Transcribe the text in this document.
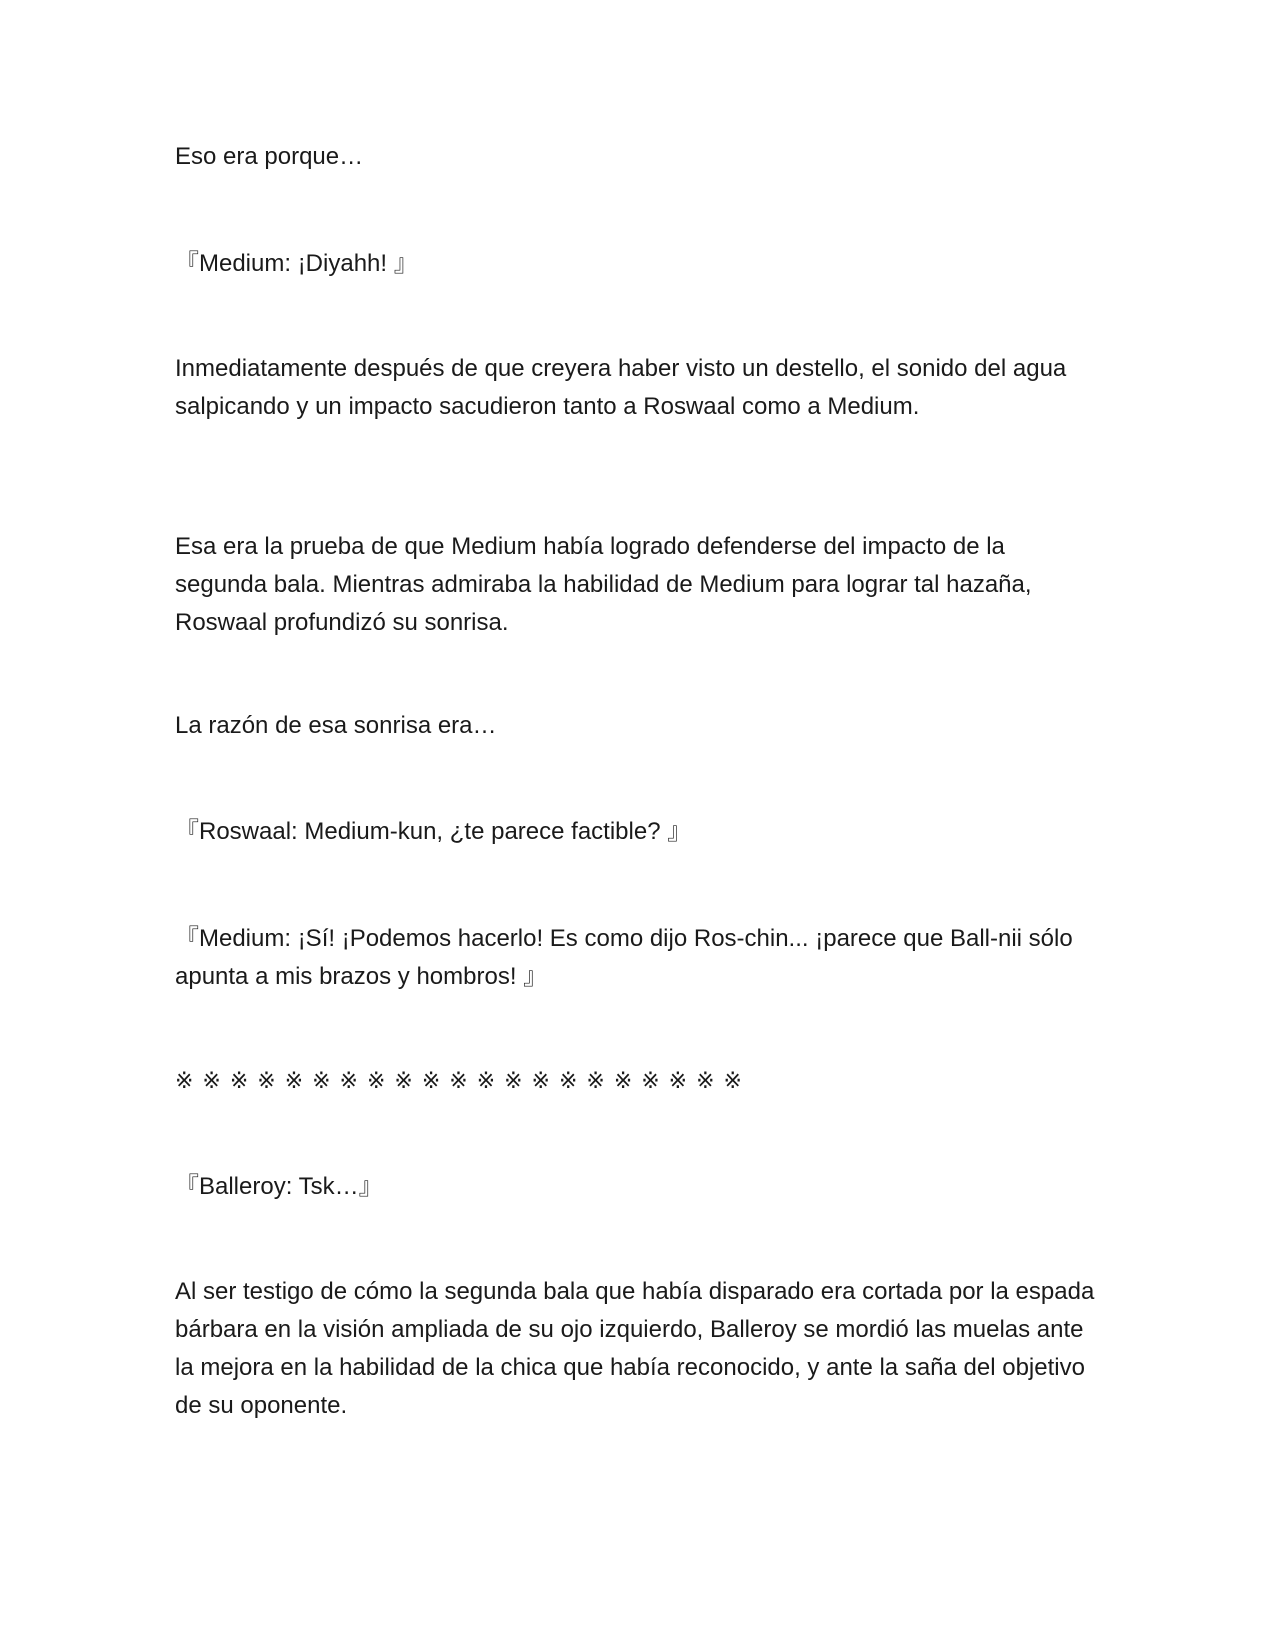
Eso era porque…

『Medium: ¡Diyahh! 』

Inmediatamente después de que creyera haber visto un destello, el sonido del agua salpicando y un impacto sacudieron tanto a Roswaal como a Medium.

Esa era la prueba de que Medium había logrado defenderse del impacto de la segunda bala. Mientras admiraba la habilidad de Medium para lograr tal hazaña, Roswaal profundizó su sonrisa.

La razón de esa sonrisa era…

『Roswaal: Medium-kun, ¿te parece factible? 』

『Medium: ¡Sí! ¡Podemos hacerlo! Es como dijo Ros-chin... ¡parece que Ball-nii sólo apunta a mis brazos y hombros! 』

※ ※ ※ ※ ※ ※ ※ ※ ※ ※ ※ ※ ※ ※ ※ ※ ※ ※ ※ ※ ※

『Balleroy: Tsk…』

Al ser testigo de cómo la segunda bala que había disparado era cortada por la espada bárbara en la visión ampliada de su ojo izquierdo, Balleroy se mordió las muelas ante la mejora en la habilidad de la chica que había reconocido, y ante la saña del objetivo de su oponente.
